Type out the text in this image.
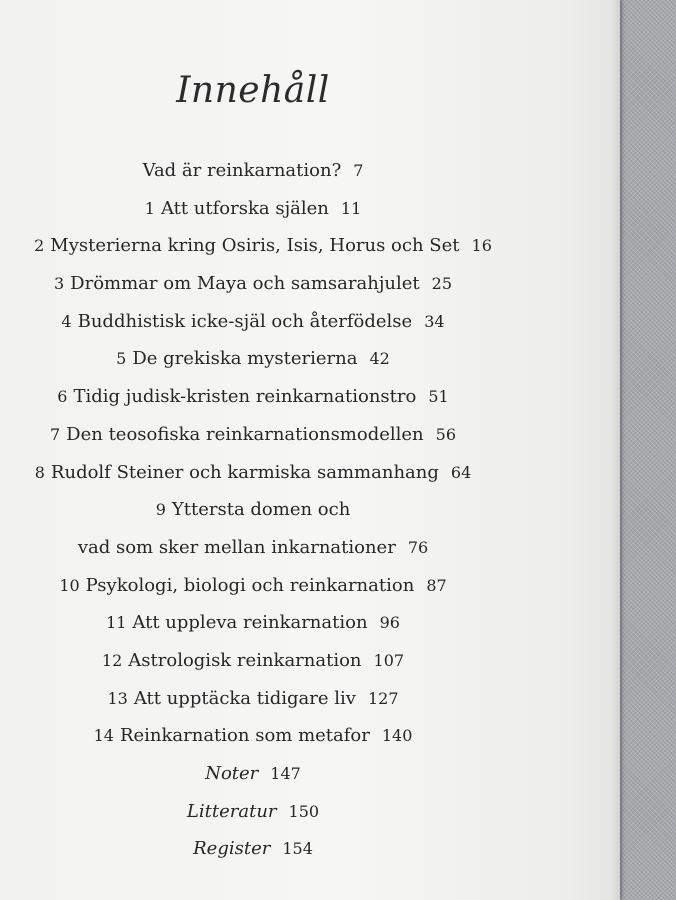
Innehåll
Vad är reinkarnation? 7
1 Att utforska själen 11
2 Mysterierna kring Osiris, Isis, Horus och Set 16
3 Drömmar om Maya och samsarahjulet 25
4 Buddhistisk icke-själ och återfödelse 34
5 De grekiska mysterierna 42
6 Tidig judisk-kristen reinkarnationstro 51
7 Den teosofiska reinkarnationsmodellen 56
8 Rudolf Steiner och karmiska sammanhang 64
9 Yttersta domen och
vad som sker mellan inkarnationer 76
10 Psykologi, biologi och reinkarnation 87
11 Att uppleva reinkarnation 96
12 Astrologisk reinkarnation 107
13 Att upptäcka tidigare liv 127
14 Reinkarnation som metafor 140
Noter 147
Litteratur 150
Register 154
